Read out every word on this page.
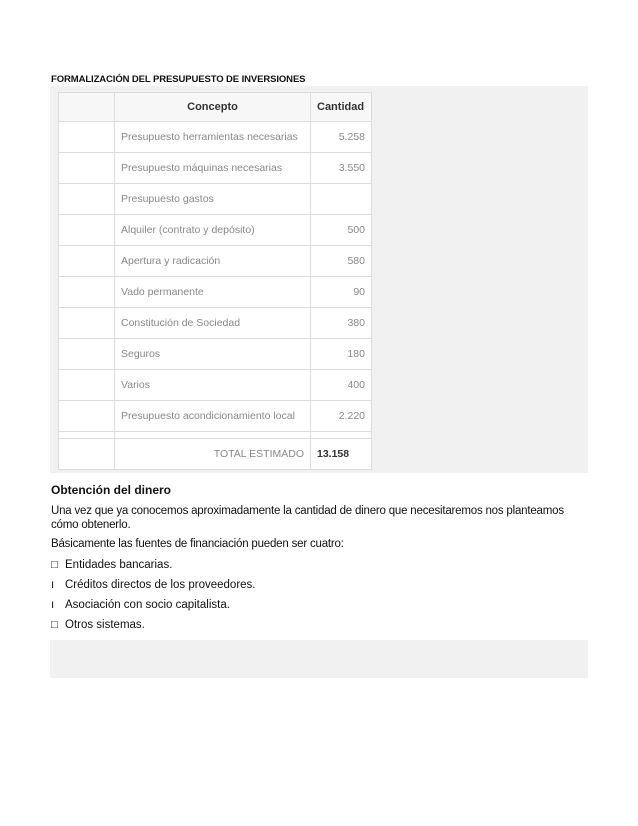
FORMALIZACIÓN DEL PRESUPUESTO DE INVERSIONES
	Concepto	Cantidad
	Presupuesto herramientas necesarias	5.258
	Presupuesto máquinas necesarias	3.550
	Presupuesto gastos	
	Alquiler (contrato y depósito)	500
	Apertura y radicación	580
	Vado permanente	90
	Constitución de Sociedad	380
	Seguros	180
	Varios	400
	Presupuesto acondicionamiento local	2.220

	TOTAL ESTIMADO	13.158
Obtención del dinero
Una vez que ya conocemos aproximadamente la cantidad de dinero que necesitaremos nos planteamos cómo obtenerlo.
Básicamente las fuentes de financiación pueden ser cuatro:
□ Entidades bancarias.
ı Créditos directos de los proveedores.
ı Asociación con socio capitalista.
□ Otros sistemas.
